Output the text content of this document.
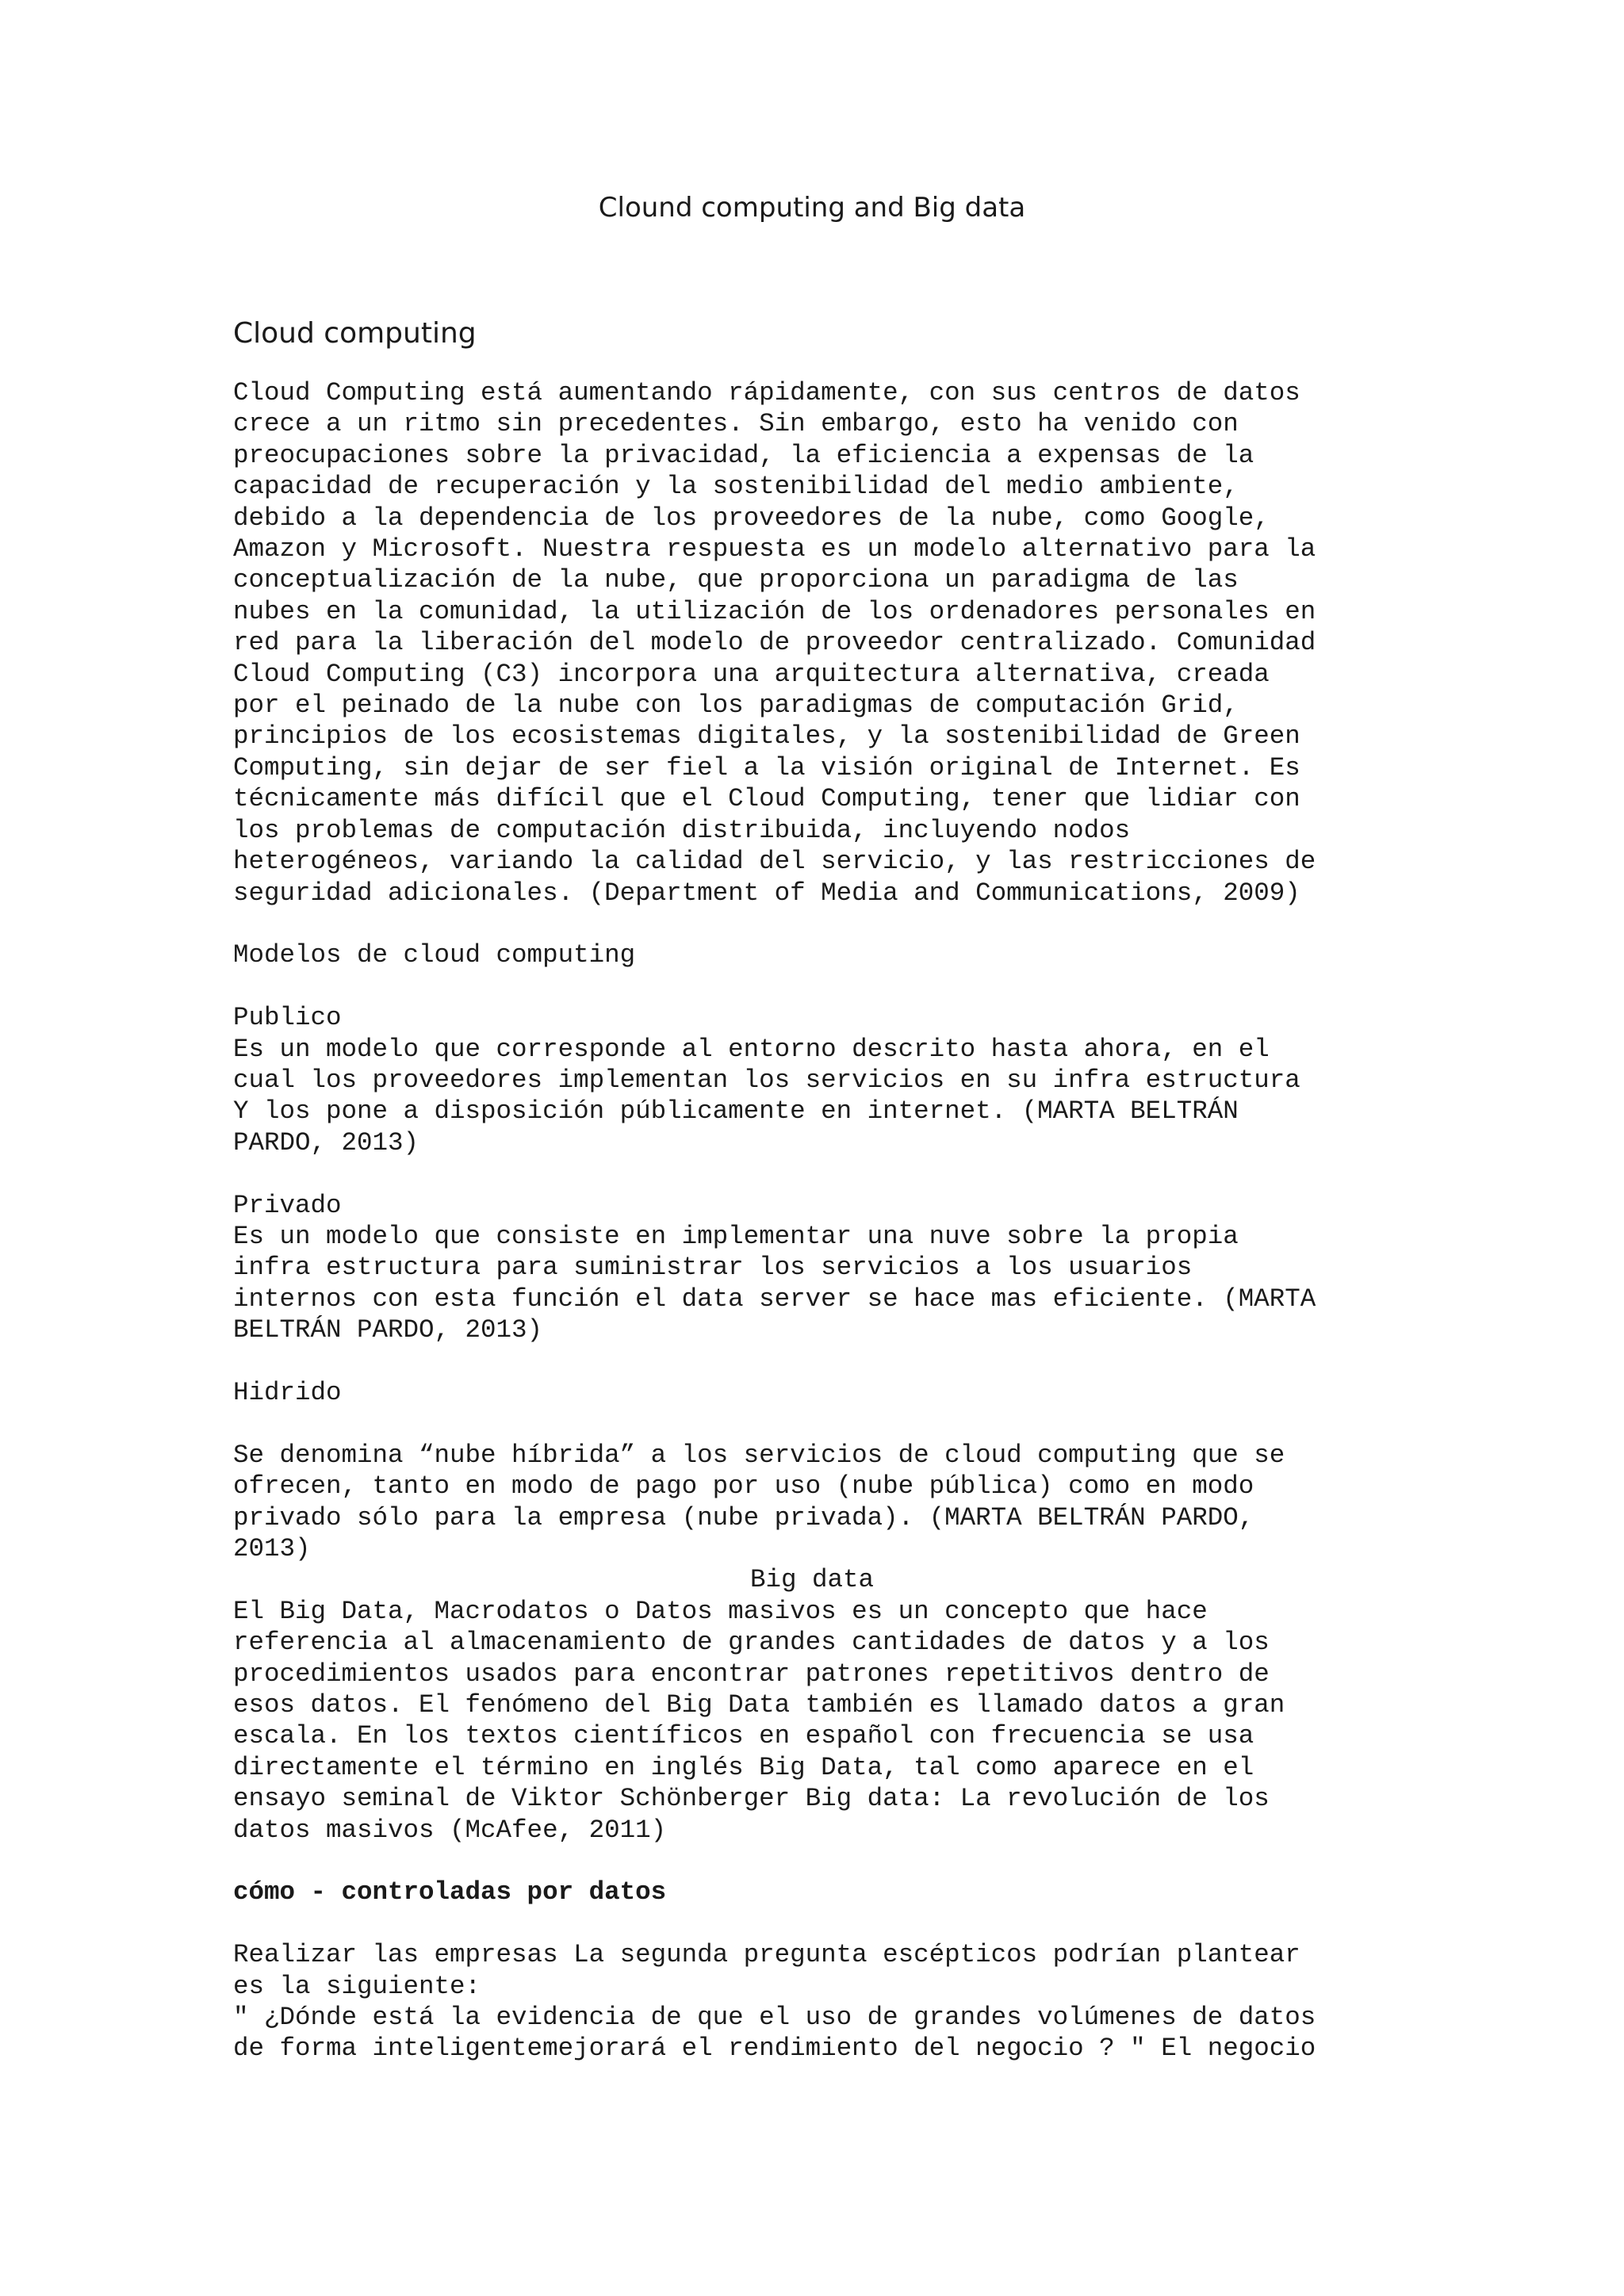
Clound computing and Big data
Cloud computing

Cloud Computing está aumentando rápidamente, con sus centros de datos
crece a un ritmo sin precedentes. Sin embargo, esto ha venido con
preocupaciones sobre la privacidad, la eficiencia a expensas de la
capacidad de recuperación y la sostenibilidad del medio ambiente,
debido a la dependencia de los proveedores de la nube, como Google,
Amazon y Microsoft. Nuestra respuesta es un modelo alternativo para la
conceptualización de la nube, que proporciona un paradigma de las
nubes en la comunidad, la utilización de los ordenadores personales en
red para la liberación del modelo de proveedor centralizado. Comunidad
Cloud Computing (C3) incorpora una arquitectura alternativa, creada
por el peinado de la nube con los paradigmas de computación Grid,
principios de los ecosistemas digitales, y la sostenibilidad de Green
Computing, sin dejar de ser fiel a la visión original de Internet. Es
técnicamente más difícil que el Cloud Computing, tener que lidiar con
los problemas de computación distribuida, incluyendo nodos
heterogéneos, variando la calidad del servicio, y las restricciones de
seguridad adicionales. (Department of Media and Communications, 2009)

Modelos de cloud computing

Publico

Es un modelo que corresponde al entorno descrito hasta ahora, en el
cual los proveedores implementan los servicios en su infra estructura
Y los pone a disposición públicamente en internet. (MARTA BELTRÁN
PARDO, 2013)

Privado

Es un modelo que consiste en implementar una nuve sobre la propia
infra estructura para suministrar los servicios a los usuarios
internos con esta función el data server se hace mas eficiente. (MARTA
BELTRÁN PARDO, 2013)

Hidrido

Se denomina “nube híbrida” a los servicios de cloud computing que se
ofrecen, tanto en modo de pago por uso (nube pública) como en modo
privado sólo para la empresa (nube privada). (MARTA BELTRÁN PARDO,
2013)

Big data

El Big Data, Macrodatos o Datos masivos es un concepto que hace
referencia al almacenamiento de grandes cantidades de datos y a los
procedimientos usados para encontrar patrones repetitivos dentro de
esos datos. El fenómeno del Big Data también es llamado datos a gran
escala. En los textos científicos en español con frecuencia se usa
directamente el término en inglés Big Data, tal como aparece en el
ensayo seminal de Viktor Schönberger Big data: La revolución de los
datos masivos (McAfee, 2011)

cómo - controladas por datos

Realizar las empresas La segunda pregunta escépticos podrían plantear
es la siguiente:
" ¿Dónde está la evidencia de que el uso de grandes volúmenes de datos
de forma inteligentemejorará el rendimiento del negocio ? " El negocio
